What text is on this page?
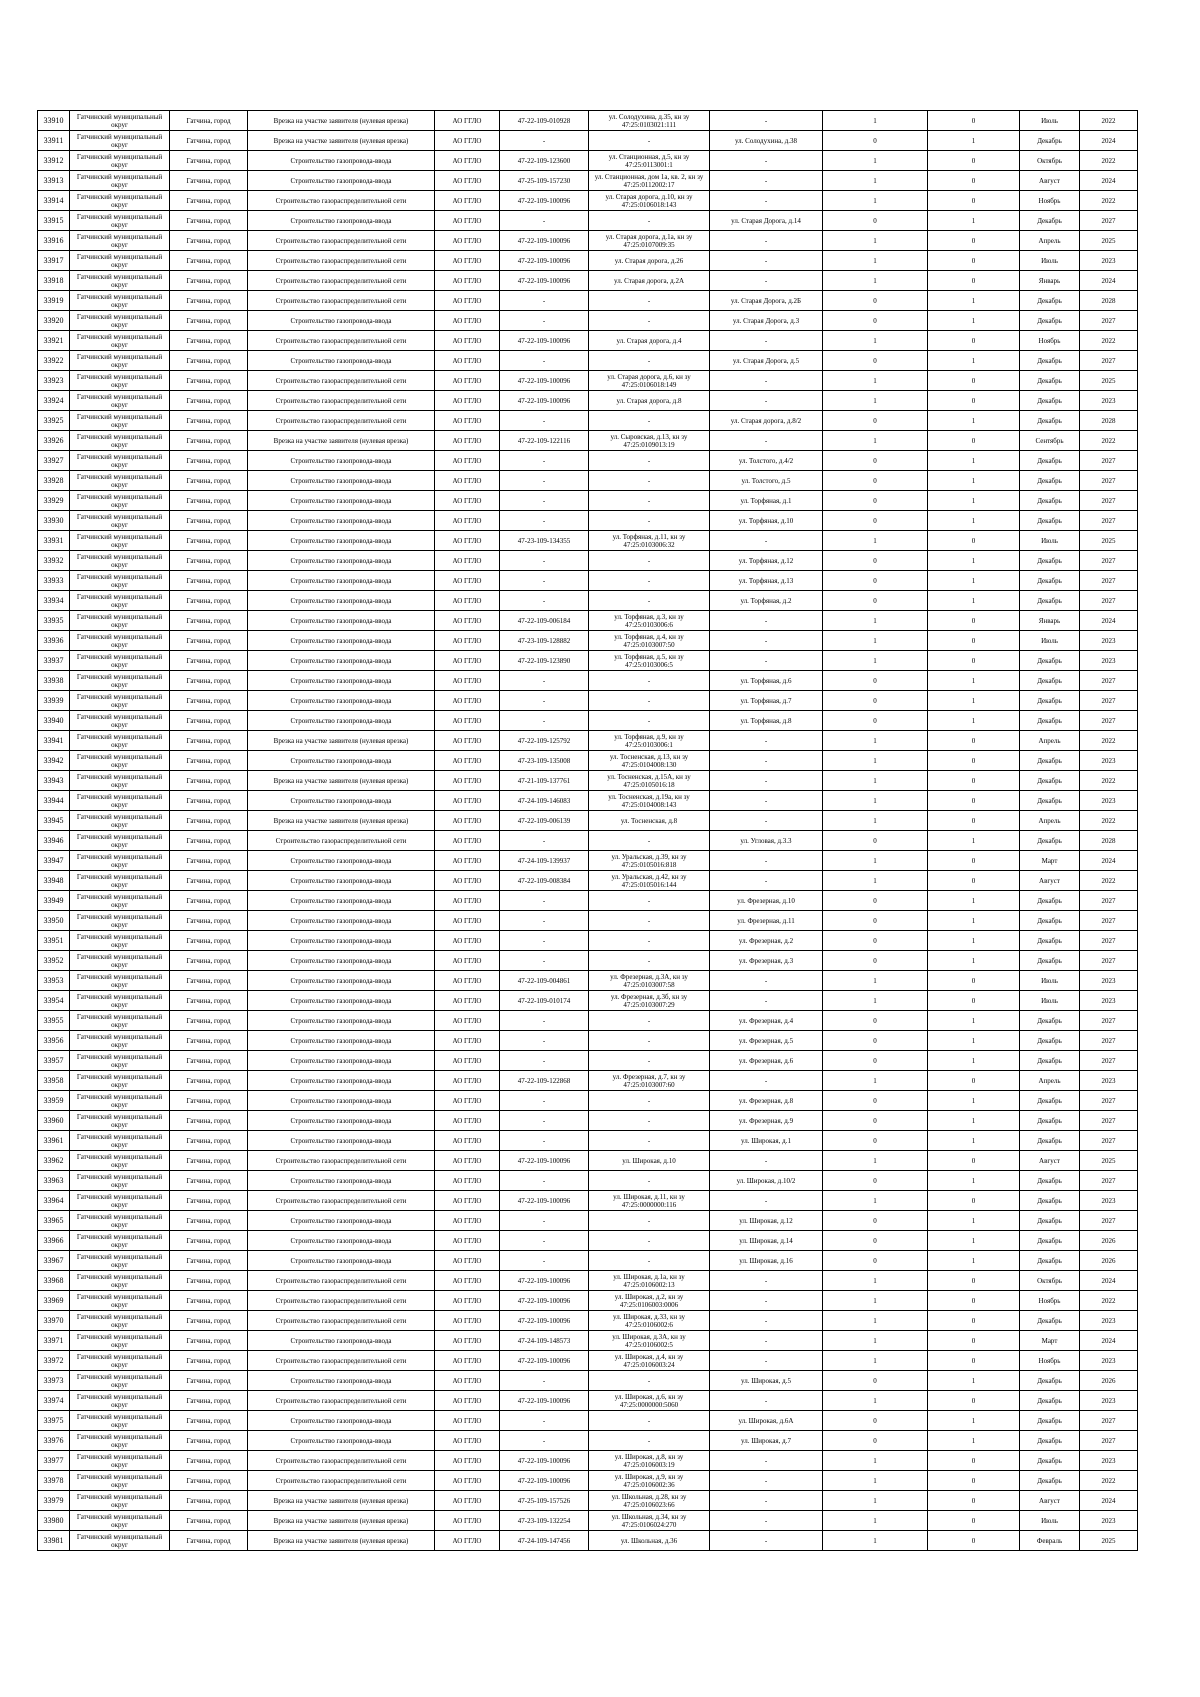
33910	Гатчинский муниципальный округ	Гатчина, город	Врезка на участке заявителя (нулевая врезка)	АО ГГЛО	47-22-109-010928	ул. Солодухина, д.35, кн зу 47:25:0103021:111	-	1	0	Июль	2022
33911	Гатчинский муниципальный округ	Гатчина, город	Врезка на участке заявителя (нулевая врезка)	АО ГГЛО	-	-	ул. Солодухина, д.38	0	1	Декабрь	2024
33912	Гатчинский муниципальный округ	Гатчина, город	Строительство газопровода-ввода	АО ГГЛО	47-22-109-123600	ул. Станционная, д.5, кн зу 47:25:0113001:1	-	1	0	Октябрь	2022
33913	Гатчинский муниципальный округ	Гатчина, город	Строительство газопровода-ввода	АО ГГЛО	47-25-109-157230	ул. Станционная, дом 1а, кв. 2, кн зу 47:25:0112002:17	-	1	0	Август	2024
33914	Гатчинский муниципальный округ	Гатчина, город	Строительство газораспределительной сети	АО ГГЛО	47-22-109-100096	ул. Старая дорога, д.10, кн зу 47:25:0106018:143	-	1	0	Ноябрь	2022
33915	Гатчинский муниципальный округ	Гатчина, город	Строительство газопровода-ввода	АО ГГЛО	-	-	ул. Старая Дорога, д.14	0	1	Декабрь	2027
33916	Гатчинский муниципальный округ	Гатчина, город	Строительство газораспределительной сети	АО ГГЛО	47-22-109-100096	ул. Старая дорога, д.1а, кн зу 47:25:0107009:35	-	1	0	Апрель	2025
33917	Гатчинский муниципальный округ	Гатчина, город	Строительство газораспределительной сети	АО ГГЛО	47-22-109-100096	ул. Старая дорога, д.26	-	1	0	Июль	2023
33918	Гатчинский муниципальный округ	Гатчина, город	Строительство газораспределительной сети	АО ГГЛО	47-22-109-100096	ул. Старая дорога, д.2А	-	1	0	Январь	2024
33919	Гатчинский муниципальный округ	Гатчина, город	Строительство газораспределительной сети	АО ГГЛО	-	-	ул. Старая Дорога, д.2Б	0	1	Декабрь	2028
33920	Гатчинский муниципальный округ	Гатчина, город	Строительство газопровода-ввода	АО ГГЛО	-	-	ул. Старая Дорога, д.3	0	1	Декабрь	2027
33921	Гатчинский муниципальный округ	Гатчина, город	Строительство газораспределительной сети	АО ГГЛО	47-22-109-100096	ул. Старая дорога, д.4	-	1	0	Ноябрь	2022
33922	Гатчинский муниципальный округ	Гатчина, город	Строительство газопровода-ввода	АО ГГЛО	-	-	ул. Старая Дорога, д.5	0	1	Декабрь	2027
33923	Гатчинский муниципальный округ	Гатчина, город	Строительство газораспределительной сети	АО ГГЛО	47-22-109-100096	ул. Старая дорога, д.6, кн зу 47:25:0106018:149	-	1	0	Декабрь	2025
33924	Гатчинский муниципальный округ	Гатчина, город	Строительство газораспределительной сети	АО ГГЛО	47-22-109-100096	ул. Старая дорога, д.8	-	1	0	Декабрь	2023
33925	Гатчинский муниципальный округ	Гатчина, город	Строительство газораспределительной сети	АО ГГЛО	-	-	ул. Старая дорога, д.8/2	0	1	Декабрь	2028
33926	Гатчинский муниципальный округ	Гатчина, город	Врезка на участке заявителя (нулевая врезка)	АО ГГЛО	47-22-109-122116	ул. Сыровская, д.13, кн зу 47:25:0109013:19	-	1	0	Сентябрь	2022
33927	Гатчинский муниципальный округ	Гатчина, город	Строительство газопровода-ввода	АО ГГЛО	-	-	ул. Толстого, д.4/2	0	1	Декабрь	2027
33928	Гатчинский муниципальный округ	Гатчина, город	Строительство газопровода-ввода	АО ГГЛО	-	-	ул. Толстого, д.5	0	1	Декабрь	2027
33929	Гатчинский муниципальный округ	Гатчина, город	Строительство газопровода-ввода	АО ГГЛО	-	-	ул. Торфяная, д.1	0	1	Декабрь	2027
33930	Гатчинский муниципальный округ	Гатчина, город	Строительство газопровода-ввода	АО ГГЛО	-	-	ул. Торфяная, д.10	0	1	Декабрь	2027
33931	Гатчинский муниципальный округ	Гатчина, город	Строительство газопровода-ввода	АО ГГЛО	47-23-109-134355	ул. Торфяная, д.11, кн зу 47:25:0103006:32	-	1	0	Июль	2025
33932	Гатчинский муниципальный округ	Гатчина, город	Строительство газопровода-ввода	АО ГГЛО	-	-	ул. Торфяная, д.12	0	1	Декабрь	2027
33933	Гатчинский муниципальный округ	Гатчина, город	Строительство газопровода-ввода	АО ГГЛО	-	-	ул. Торфяная, д.13	0	1	Декабрь	2027
33934	Гатчинский муниципальный округ	Гатчина, город	Строительство газопровода-ввода	АО ГГЛО	-	-	ул. Торфяная, д.2	0	1	Декабрь	2027
33935	Гатчинский муниципальный округ	Гатчина, город	Строительство газопровода-ввода	АО ГГЛО	47-22-109-006184	ул. Торфяная, д.3, кн зу 47:25:0103006:6	-	1	0	Январь	2024
33936	Гатчинский муниципальный округ	Гатчина, город	Строительство газопровода-ввода	АО ГГЛО	47-23-109-128882	ул. Торфяная, д.4, кн зу 47:25:0103007:50	-	1	0	Июль	2023
33937	Гатчинский муниципальный округ	Гатчина, город	Строительство газопровода-ввода	АО ГГЛО	47-22-109-123890	ул. Торфяная, д.5, кн зу 47:25:0103006:5	-	1	0	Декабрь	2023
33938	Гатчинский муниципальный округ	Гатчина, город	Строительство газопровода-ввода	АО ГГЛО	-	-	ул. Торфяная, д.6	0	1	Декабрь	2027
33939	Гатчинский муниципальный округ	Гатчина, город	Строительство газопровода-ввода	АО ГГЛО	-	-	ул. Торфяная, д.7	0	1	Декабрь	2027
33940	Гатчинский муниципальный округ	Гатчина, город	Строительство газопровода-ввода	АО ГГЛО	-	-	ул. Торфяная, д.8	0	1	Декабрь	2027
33941	Гатчинский муниципальный округ	Гатчина, город	Врезка на участке заявителя (нулевая врезка)	АО ГГЛО	47-22-109-125792	ул. Торфяная, д.9, кн зу 47:25:0103006:1	-	1	0	Апрель	2022
33942	Гатчинский муниципальный округ	Гатчина, город	Строительство газопровода-ввода	АО ГГЛО	47-23-109-135008	ул. Тосненская, д.13, кн зу 47:25:0104008:130	-	1	0	Декабрь	2023
33943	Гатчинский муниципальный округ	Гатчина, город	Врезка на участке заявителя (нулевая врезка)	АО ГГЛО	47-21-109-137761	ул. Тосненская, д.15А, кн зу 47:25:0105016:18	-	1	0	Декабрь	2022
33944	Гатчинский муниципальный округ	Гатчина, город	Строительство газопровода-ввода	АО ГГЛО	47-24-109-146083	ул. Тосненская, д.19а, кн зу 47:25:0104008:143	-	1	0	Декабрь	2023
33945	Гатчинский муниципальный округ	Гатчина, город	Врезка на участке заявителя (нулевая врезка)	АО ГГЛО	47-22-109-006139	ул. Тосненская, д.8	-	1	0	Апрель	2022
33946	Гатчинский муниципальный округ	Гатчина, город	Строительство газораспределительной сети	АО ГГЛО	-	-	ул. Угловая, д.3.3	0	1	Декабрь	2028
33947	Гатчинский муниципальный округ	Гатчина, город	Строительство газопровода-ввода	АО ГГЛО	47-24-109-139937	ул. Уральская, д.39, кн зу 47:25:0105016:818	-	1	0	Март	2024
33948	Гатчинский муниципальный округ	Гатчина, город	Строительство газопровода-ввода	АО ГГЛО	47-22-109-008384	ул. Уральская, д.42, кн зу 47:25:0105016:144	-	1	0	Август	2022
33949	Гатчинский муниципальный округ	Гатчина, город	Строительство газопровода-ввода	АО ГГЛО	-	-	ул. Фрезерная, д.10	0	1	Декабрь	2027
33950	Гатчинский муниципальный округ	Гатчина, город	Строительство газопровода-ввода	АО ГГЛО	-	-	ул. Фрезерная, д.11	0	1	Декабрь	2027
33951	Гатчинский муниципальный округ	Гатчина, город	Строительство газопровода-ввода	АО ГГЛО	-	-	ул. Фрезерная, д.2	0	1	Декабрь	2027
33952	Гатчинский муниципальный округ	Гатчина, город	Строительство газопровода-ввода	АО ГГЛО	-	-	ул. Фрезерная, д.3	0	1	Декабрь	2027
33953	Гатчинский муниципальный округ	Гатчина, город	Строительство газопровода-ввода	АО ГГЛО	47-22-109-004861	ул. Фрезерная, д.3А, кн зу 47:25:0103007:58	-	1	0	Июль	2023
33954	Гатчинский муниципальный округ	Гатчина, город	Строительство газопровода-ввода	АО ГГЛО	47-22-109-010174	ул. Фрезерная, д.3б, кн зу 47:25:0103007:29	-	1	0	Июль	2023
33955	Гатчинский муниципальный округ	Гатчина, город	Строительство газопровода-ввода	АО ГГЛО	-	-	ул. Фрезерная, д.4	0	1	Декабрь	2027
33956	Гатчинский муниципальный округ	Гатчина, город	Строительство газопровода-ввода	АО ГГЛО	-	-	ул. Фрезерная, д.5	0	1	Декабрь	2027
33957	Гатчинский муниципальный округ	Гатчина, город	Строительство газопровода-ввода	АО ГГЛО	-	-	ул. Фрезерная, д.6	0	1	Декабрь	2027
33958	Гатчинский муниципальный округ	Гатчина, город	Строительство газопровода-ввода	АО ГГЛО	47-22-109-122868	ул. Фрезерная, д.7, кн зу 47:25:0103007:60	-	1	0	Апрель	2023
33959	Гатчинский муниципальный округ	Гатчина, город	Строительство газопровода-ввода	АО ГГЛО	-	-	ул. Фрезерная, д.8	0	1	Декабрь	2027
33960	Гатчинский муниципальный округ	Гатчина, город	Строительство газопровода-ввода	АО ГГЛО	-	-	ул. Фрезерная, д.9	0	1	Декабрь	2027
33961	Гатчинский муниципальный округ	Гатчина, город	Строительство газопровода-ввода	АО ГГЛО	-	-	ул. Широкая, д.1	0	1	Декабрь	2027
33962	Гатчинский муниципальный округ	Гатчина, город	Строительство газораспределительной сети	АО ГГЛО	47-22-109-100096	ул. Широкая, д.10	-	1	0	Август	2025
33963	Гатчинский муниципальный округ	Гатчина, город	Строительство газопровода-ввода	АО ГГЛО	-	-	ул. Широкая, д.10/2	0	1	Декабрь	2027
33964	Гатчинский муниципальный округ	Гатчина, город	Строительство газораспределительной сети	АО ГГЛО	47-22-109-100096	ул. Широкая, д.11, кн зу 47:25:0000000:116	-	1	0	Декабрь	2023
33965	Гатчинский муниципальный округ	Гатчина, город	Строительство газопровода-ввода	АО ГГЛО	-	-	ул. Широкая, д.12	0	1	Декабрь	2027
33966	Гатчинский муниципальный округ	Гатчина, город	Строительство газопровода-ввода	АО ГГЛО	-	-	ул. Широкая, д.14	0	1	Декабрь	2026
33967	Гатчинский муниципальный округ	Гатчина, город	Строительство газопровода-ввода	АО ГГЛО	-	-	ул. Широкая, д.16	0	1	Декабрь	2026
33968	Гатчинский муниципальный округ	Гатчина, город	Строительство газораспределительной сети	АО ГГЛО	47-22-109-100096	ул. Широкая, д.1а, кн зу 47:25:0106002:13	-	1	0	Октябрь	2024
33969	Гатчинский муниципальный округ	Гатчина, город	Строительство газораспределительной сети	АО ГГЛО	47-22-109-100096	ул. Широкая, д.2, кн зу 47:25:0106003:0006	-	1	0	Ноябрь	2022
33970	Гатчинский муниципальный округ	Гатчина, город	Строительство газораспределительной сети	АО ГГЛО	47-22-109-100096	ул. Широкая, д.33, кн зу 47:25:0106002:6	-	1	0	Декабрь	2023
33971	Гатчинский муниципальный округ	Гатчина, город	Строительство газопровода-ввода	АО ГГЛО	47-24-109-148573	ул. Широкая, д.3А, кн зу 47:25:0106002:5	-	1	0	Март	2024
33972	Гатчинский муниципальный округ	Гатчина, город	Строительство газораспределительной сети	АО ГГЛО	47-22-109-100096	ул. Широкая, д.4, кн зу 47:25:0106003:24	-	1	0	Ноябрь	2023
33973	Гатчинский муниципальный округ	Гатчина, город	Строительство газопровода-ввода	АО ГГЛО	-	-	ул. Широкая, д.5	0	1	Декабрь	2026
33974	Гатчинский муниципальный округ	Гатчина, город	Строительство газораспределительной сети	АО ГГЛО	47-22-109-100096	ул. Широкая, д.6, кн зу 47:25:0000000:5060	-	1	0	Декабрь	2023
33975	Гатчинский муниципальный округ	Гатчина, город	Строительство газопровода-ввода	АО ГГЛО	-	-	ул. Широкая, д.6А	0	1	Декабрь	2027
33976	Гатчинский муниципальный округ	Гатчина, город	Строительство газопровода-ввода	АО ГГЛО	-	-	ул. Широкая, д.7	0	1	Декабрь	2027
33977	Гатчинский муниципальный округ	Гатчина, город	Строительство газораспределительной сети	АО ГГЛО	47-22-109-100096	ул. Широкая, д.8, кн зу 47:25:0106003:19	-	1	0	Декабрь	2023
33978	Гатчинский муниципальный округ	Гатчина, город	Строительство газораспределительной сети	АО ГГЛО	47-22-109-100096	ул. Широкая, д.9, кн зу 47:25:0106002:36	-	1	0	Декабрь	2022
33979	Гатчинский муниципальный округ	Гатчина, город	Врезка на участке заявителя (нулевая врезка)	АО ГГЛО	47-25-109-157526	ул. Школьная, д.28, кн зу 47:25:0106023:66	-	1	0	Август	2024
33980	Гатчинский муниципальный округ	Гатчина, город	Врезка на участке заявителя (нулевая врезка)	АО ГГЛО	47-23-109-132254	ул. Школьная, д.34, кн зу 47:25:0106024:270	-	1	0	Июль	2023
33981	Гатчинский муниципальный округ	Гатчина, город	Врезка на участке заявителя (нулевая врезка)	АО ГГЛО	47-24-109-147456	ул. Школьная, д.36	-	1	0	Февраль	2025
